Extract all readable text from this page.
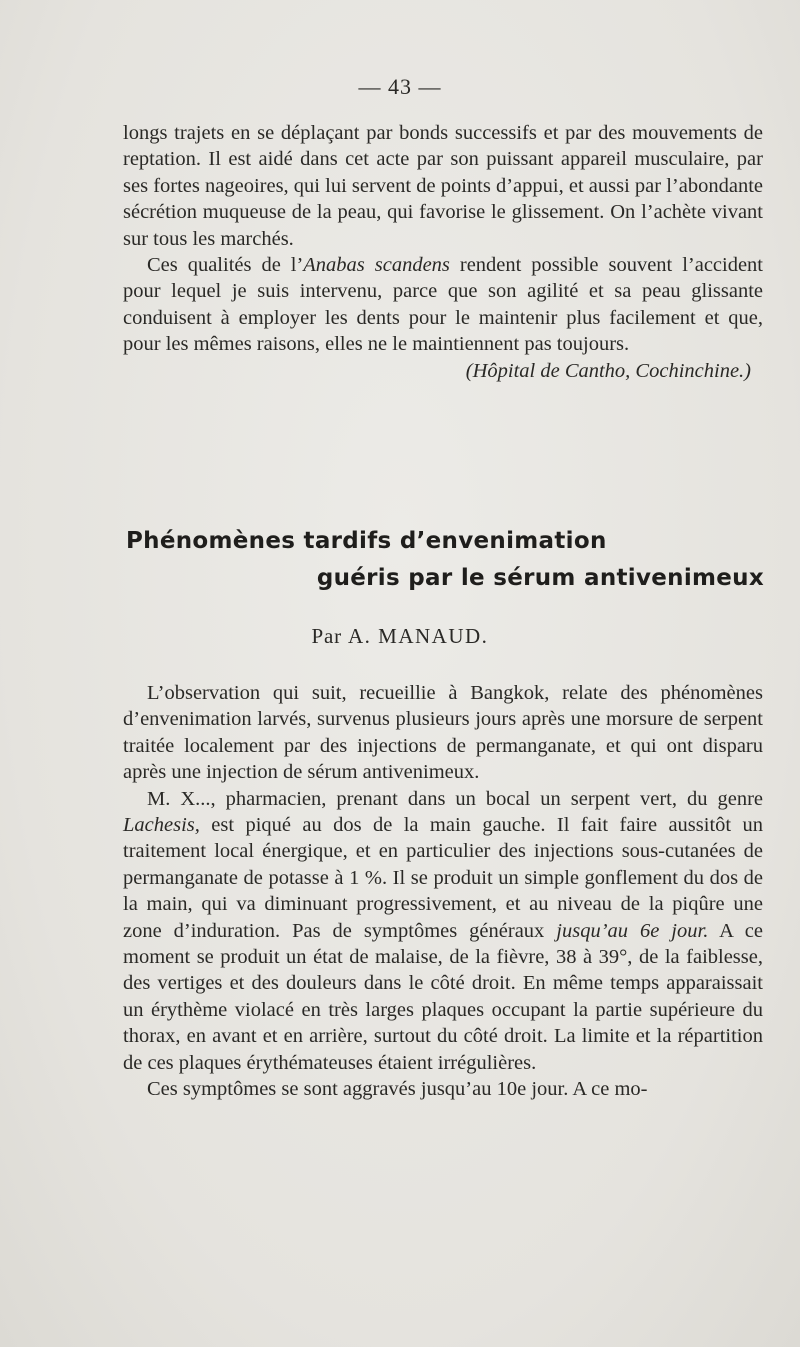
— 43 —

longs trajets en se déplaçant par bonds successifs et par des mouvements de reptation. Il est aidé dans cet acte par son puissant appareil musculaire, par ses fortes nageoires, qui lui servent de points d’appui, et aussi par l’abondante sécrétion muqueuse de la peau, qui favorise le glissement. On l’achète vivant sur tous les marchés.

Ces qualités de l’Anabas scandens rendent possible souvent l’accident pour lequel je suis intervenu, parce que son agilité et sa peau glissante conduisent à employer les dents pour le maintenir plus facilement et que, pour les mêmes raisons, elles ne le maintiennent pas toujours.

(Hôpital de Cantho, Cochinchine.)

Phénomènes tardifs d’envenimation
guéris par le sérum antivenimeux
Par A. MANAUD.

L’observation qui suit, recueillie à Bangkok, relate des phénomènes d’envenimation larvés, survenus plusieurs jours après une morsure de serpent traitée localement par des injections de permanganate, et qui ont disparu après une injection de sérum antivenimeux.

M. X..., pharmacien, prenant dans un bocal un serpent vert, du genre Lachesis, est piqué au dos de la main gauche. Il fait faire aussitôt un traitement local énergique, et en particulier des injections sous-cutanées de permanganate de potasse à 1 %. Il se produit un simple gonflement du dos de la main, qui va diminuant progressivement, et au niveau de la piqûre une zone d’induration. Pas de symptômes généraux jusqu’au 6e jour. A ce moment se produit un état de malaise, de la fièvre, 38 à 39°, de la faiblesse, des vertiges et des douleurs dans le côté droit. En même temps apparaissait un érythème violacé en très larges plaques occupant la partie supérieure du thorax, en avant et en arrière, surtout du côté droit. La limite et la répartition de ces plaques érythémateuses étaient irrégulières.

Ces symptômes se sont aggravés jusqu’au 10e jour. A ce mo-
